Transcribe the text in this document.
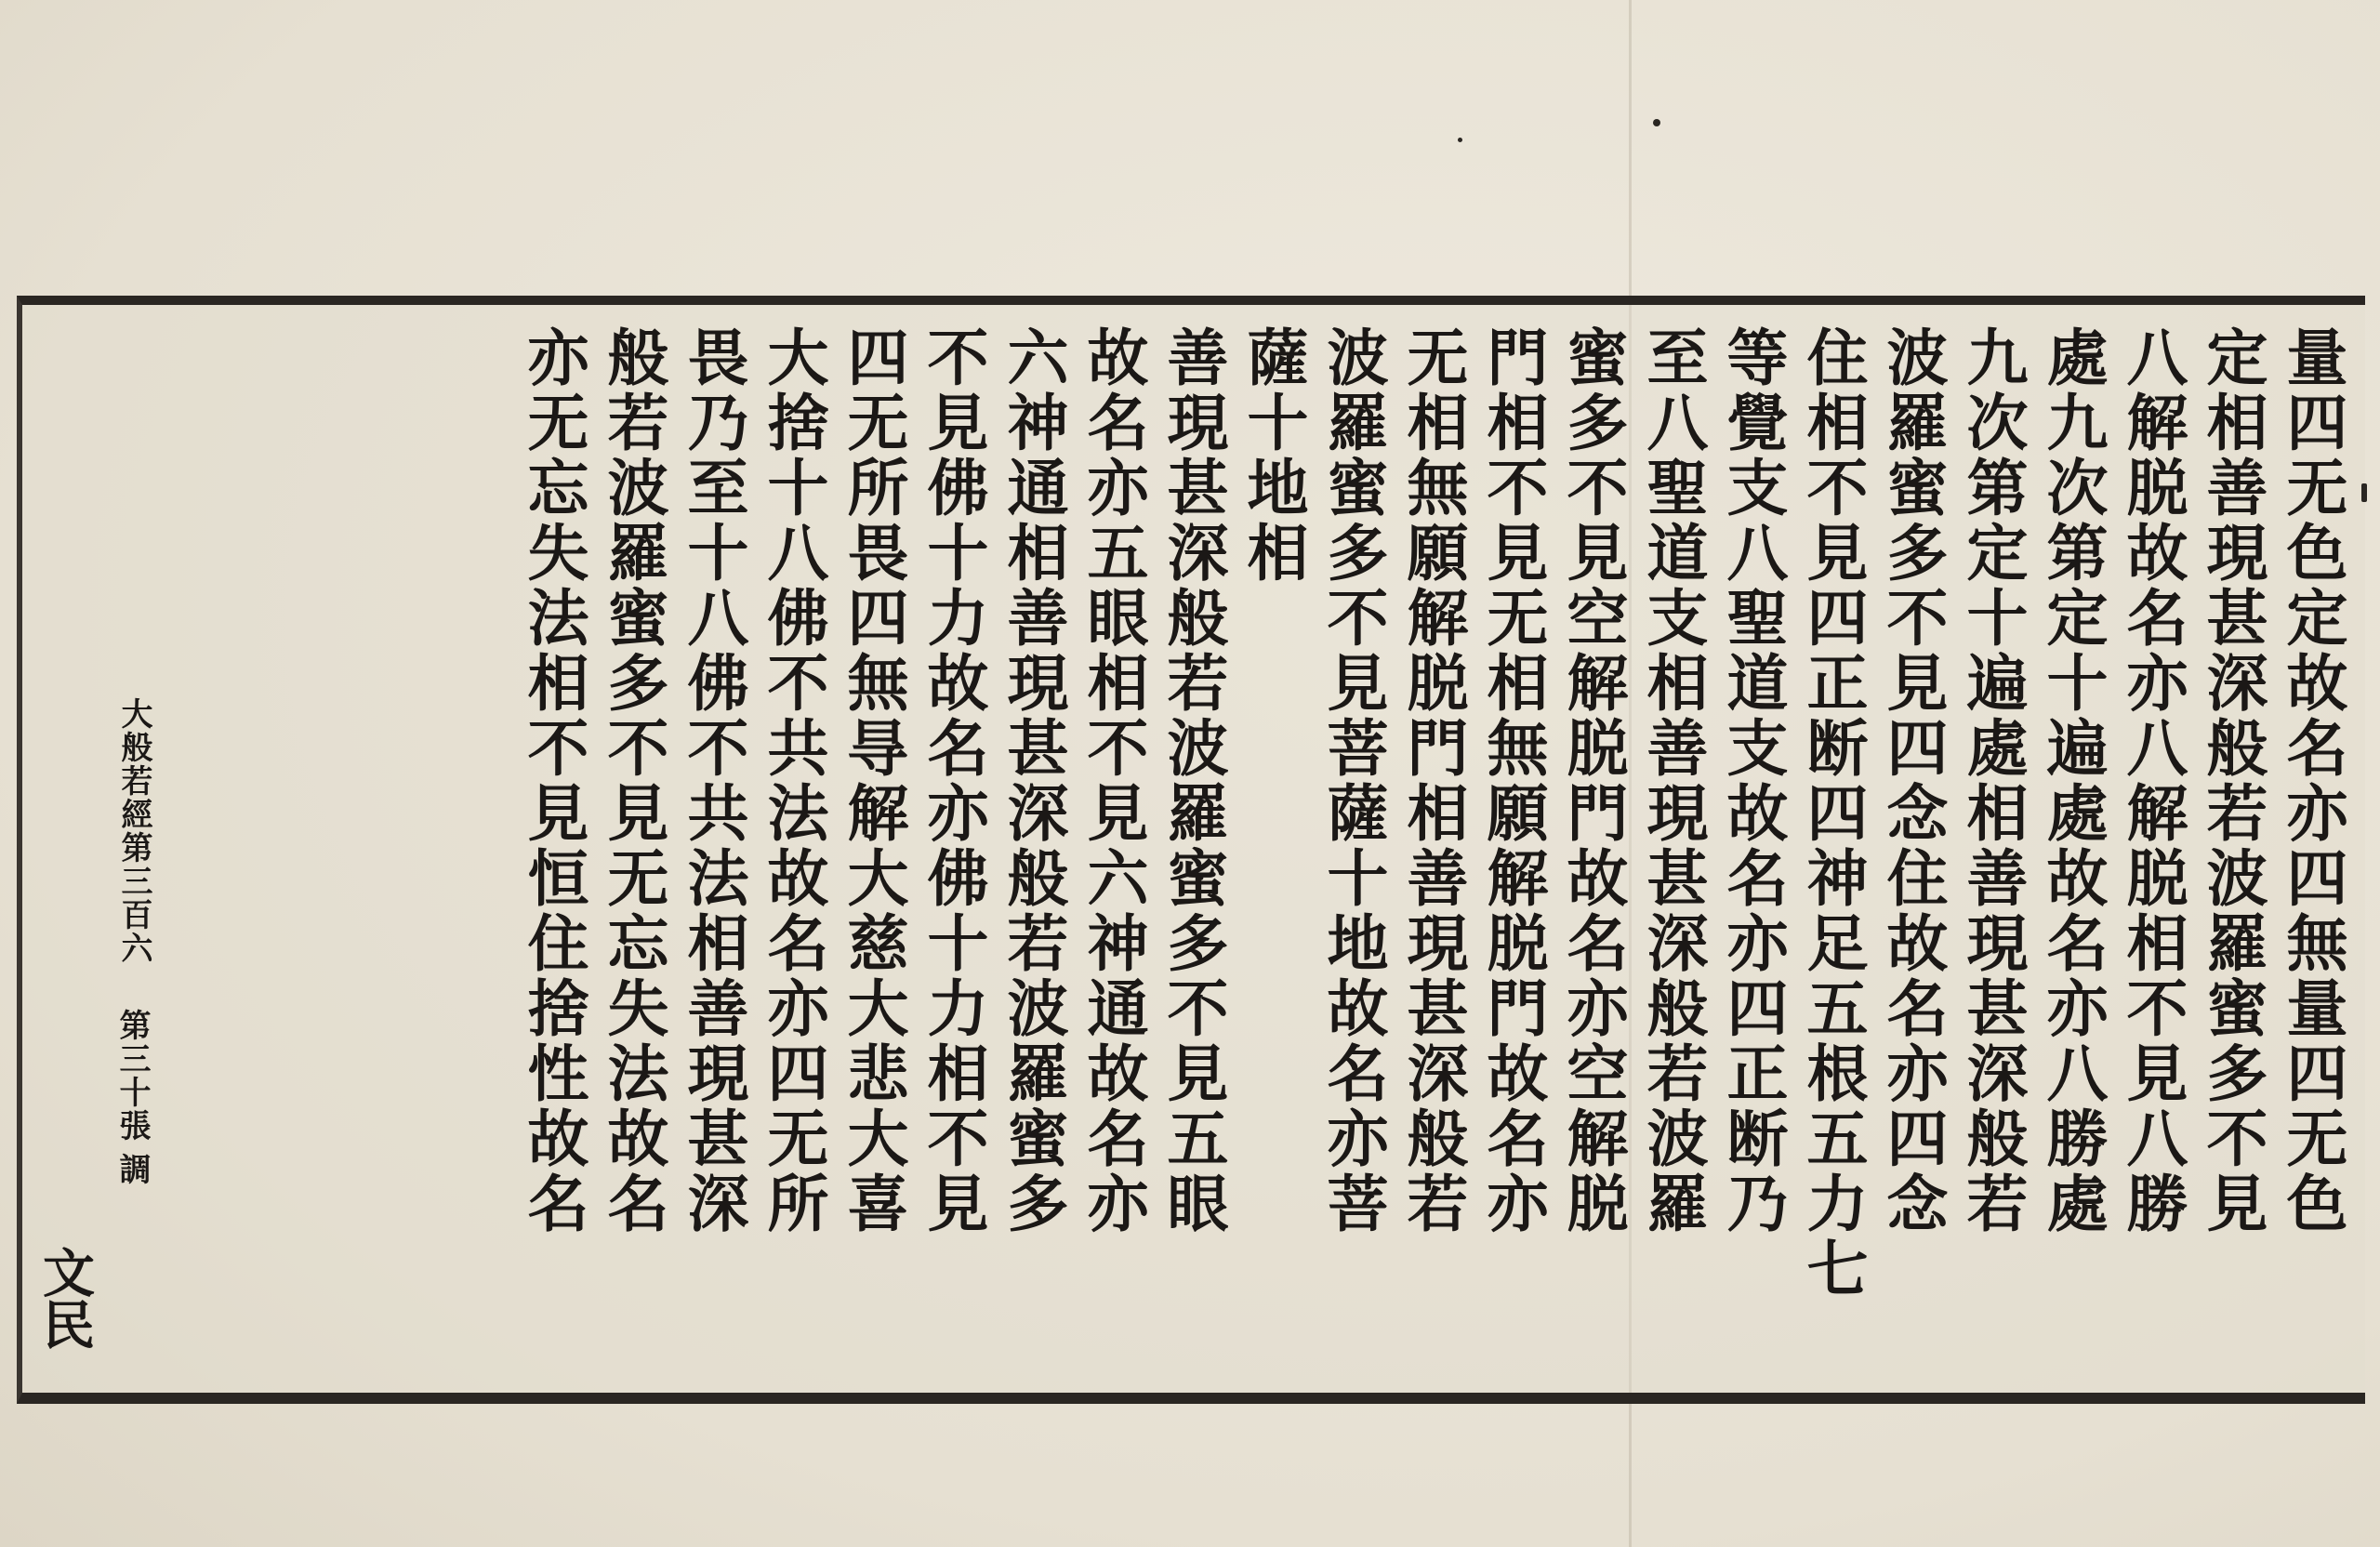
量四无色定故名亦四無量四无色
定相善現甚深般若波羅蜜多不見
八解脱故名亦八解脱相不見八勝
處九次第定十遍處故名亦八勝處
九次第定十遍處相善現甚深般若
波羅蜜多不見四念住故名亦四念
住相不見四正断四神足五根五力七
等覺支八聖道支故名亦四正断乃
至八聖道支相善現甚深般若波羅
蜜多不見空解脱門故名亦空解脱
門相不見无相無願解脱門故名亦
无相無願解脱門相善現甚深般若
波羅蜜多不見菩薩十地故名亦菩
薩十地相
善現甚深般若波羅蜜多不見五眼
故名亦五眼相不見六神通故名亦
六神通相善現甚深般若波羅蜜多
不見佛十力故名亦佛十力相不見
四无所畏四無㝵解大慈大悲大喜
大捨十八佛不共法故名亦四无所
畏乃至十八佛不共法相善現甚深
般若波羅蜜多不見无忘失法故名
亦无忘失法相不見恒住捨性故名
大般若經第三百六
第三十張
調
文民
